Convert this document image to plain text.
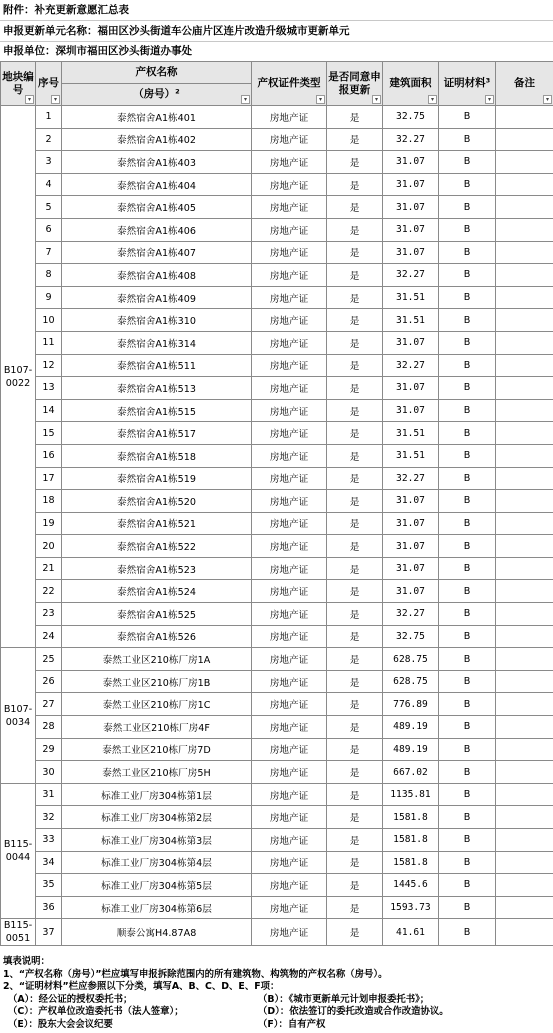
附件：补充更新意愿汇总表
申报更新单元名称：福田区沙头街道车公庙片区连片改造升级城市更新单元
申报单位：深圳市福田区沙头街道办事处
地块编号
▾	序号
▾	产权名称	产权证件类型
▾	是否同意申报更新
▾	建筑面积
▾	证明材料³
▾	备注
▾

		（房号）² ▾					

B107-0022	1	泰然宿舍A1栋401	房地产证	是	32.75	B	
	2	泰然宿舍A1栋402	房地产证	是	32.27	B	
	3	泰然宿舍A1栋403	房地产证	是	31.07	B	
	4	泰然宿舍A1栋404	房地产证	是	31.07	B	
	5	泰然宿舍A1栋405	房地产证	是	31.07	B	
	6	泰然宿舍A1栋406	房地产证	是	31.07	B	
	7	泰然宿舍A1栋407	房地产证	是	31.07	B	
	8	泰然宿舍A1栋408	房地产证	是	32.27	B	
	9	泰然宿舍A1栋409	房地产证	是	31.51	B	
	10	泰然宿舍A1栋310	房地产证	是	31.51	B	
	11	泰然宿舍A1栋314	房地产证	是	31.07	B	
	12	泰然宿舍A1栋511	房地产证	是	32.27	B	
	13	泰然宿舍A1栋513	房地产证	是	31.07	B	
	14	泰然宿舍A1栋515	房地产证	是	31.07	B	
	15	泰然宿舍A1栋517	房地产证	是	31.51	B	
	16	泰然宿舍A1栋518	房地产证	是	31.51	B	
	17	泰然宿舍A1栋519	房地产证	是	32.27	B	
	18	泰然宿舍A1栋520	房地产证	是	31.07	B	
	19	泰然宿舍A1栋521	房地产证	是	31.07	B	
	20	泰然宿舍A1栋522	房地产证	是	31.07	B	
	21	泰然宿舍A1栋523	房地产证	是	31.07	B	
	22	泰然宿舍A1栋524	房地产证	是	31.07	B	
	23	泰然宿舍A1栋525	房地产证	是	32.27	B	
	24	泰然宿舍A1栋526	房地产证	是	32.75	B	
B107-0034	25	泰然工业区210栋厂房1A	房地产证	是	628.75	B	
	26	泰然工业区210栋厂房1B	房地产证	是	628.75	B	
	27	泰然工业区210栋厂房1C	房地产证	是	776.89	B	
	28	泰然工业区210栋厂房4F	房地产证	是	489.19	B	
	29	泰然工业区210栋厂房7D	房地产证	是	489.19	B	
	30	泰然工业区210栋厂房5H	房地产证	是	667.02	B	
B115-0044	31	标准工业厂房304栋第1层	房地产证	是	1135.81	B	
	32	标准工业厂房304栋第2层	房地产证	是	1581.8	B	
	33	标准工业厂房304栋第3层	房地产证	是	1581.8	B	
	34	标准工业厂房304栋第4层	房地产证	是	1581.8	B	
	35	标准工业厂房304栋第5层	房地产证	是	1445.6	B	
	36	标准工业厂房304栋第6层	房地产证	是	1593.73	B	
B115-0051	37	顺泰公寓H4.87A8	房地产证	是	41.61	B	
填表说明：
1、“产权名称（房号）”栏应填写申报拆除范围内的所有建筑物、构筑物的产权名称（房号）。
2、“证明材料”栏应参照以下分类，填写A、B、C、D、E、F项：
（A）：经公证的授权委托书；	（B）：《城市更新单元计划申报委托书》；
（C）：产权单位改造委托书（法人签章）；	（D）：依法签订的委托改造或合作改造协议。
（E）：股东大会会议纪要	（F）：自有产权
